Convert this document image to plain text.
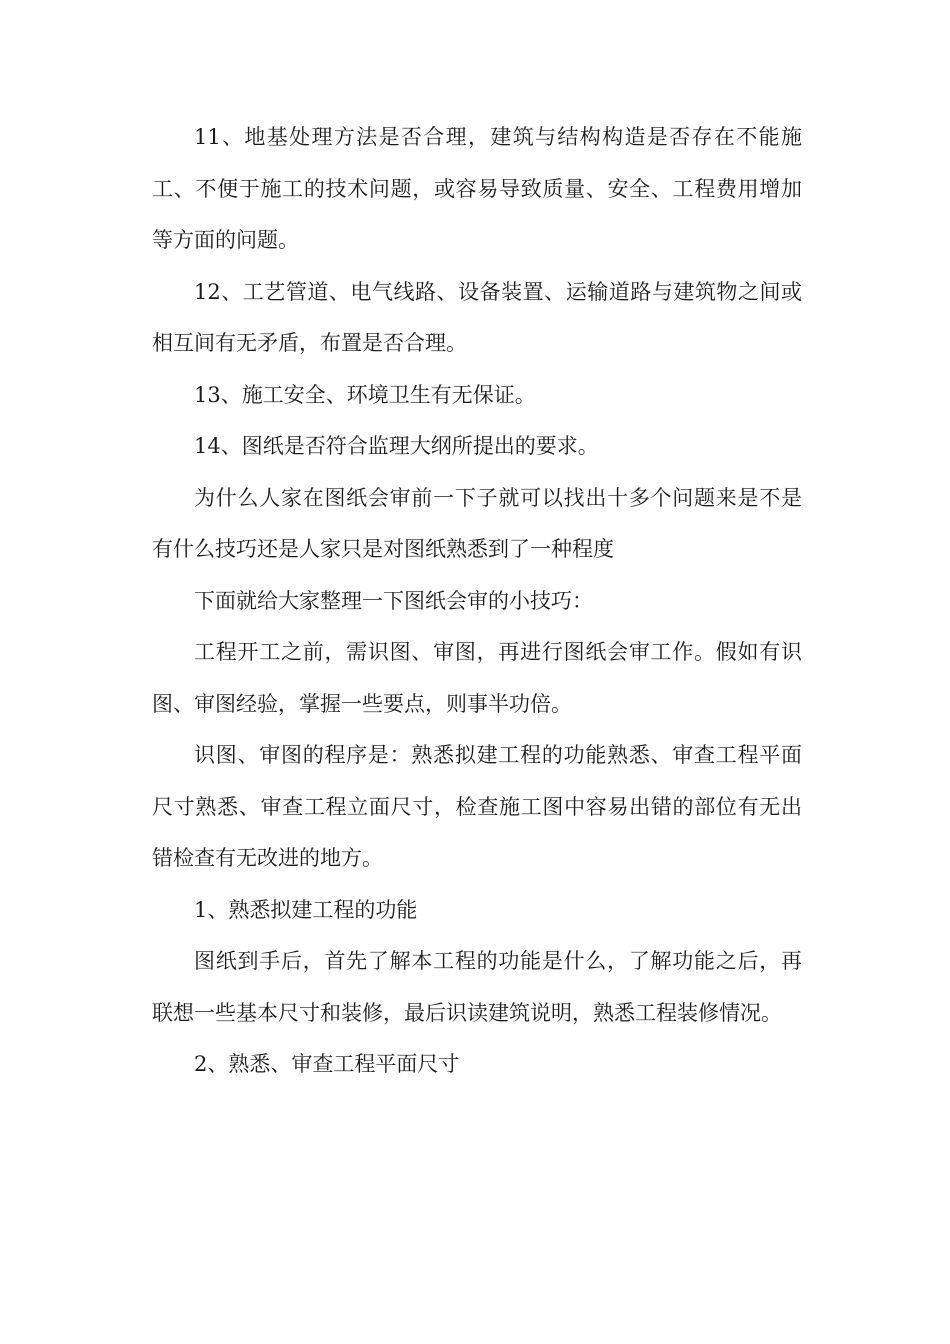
11、地基处理方法是否合理，建筑与结构构造是否存在不能施工、不便于施工的技术问题，或容易导致质量、安全、工程费用增加等方面的问题。

12、工艺管道、电气线路、设备装置、运输道路与建筑物之间或相互间有无矛盾，布置是否合理。

13、施工安全、环境卫生有无保证。

14、图纸是否符合监理大纲所提出的要求。

为什么人家在图纸会审前一下子就可以找出十多个问题来是不是有什么技巧还是人家只是对图纸熟悉到了一种程度

下面就给大家整理一下图纸会审的小技巧：

工程开工之前，需识图、审图，再进行图纸会审工作。假如有识图、审图经验，掌握一些要点，则事半功倍。

识图、审图的程序是：熟悉拟建工程的功能熟悉、审查工程平面尺寸熟悉、审查工程立面尺寸，检查施工图中容易出错的部位有无出错检查有无改进的地方。

1、熟悉拟建工程的功能

图纸到手后，首先了解本工程的功能是什么，了解功能之后，再联想一些基本尺寸和装修，最后识读建筑说明，熟悉工程装修情况。

2、熟悉、审查工程平面尺寸
